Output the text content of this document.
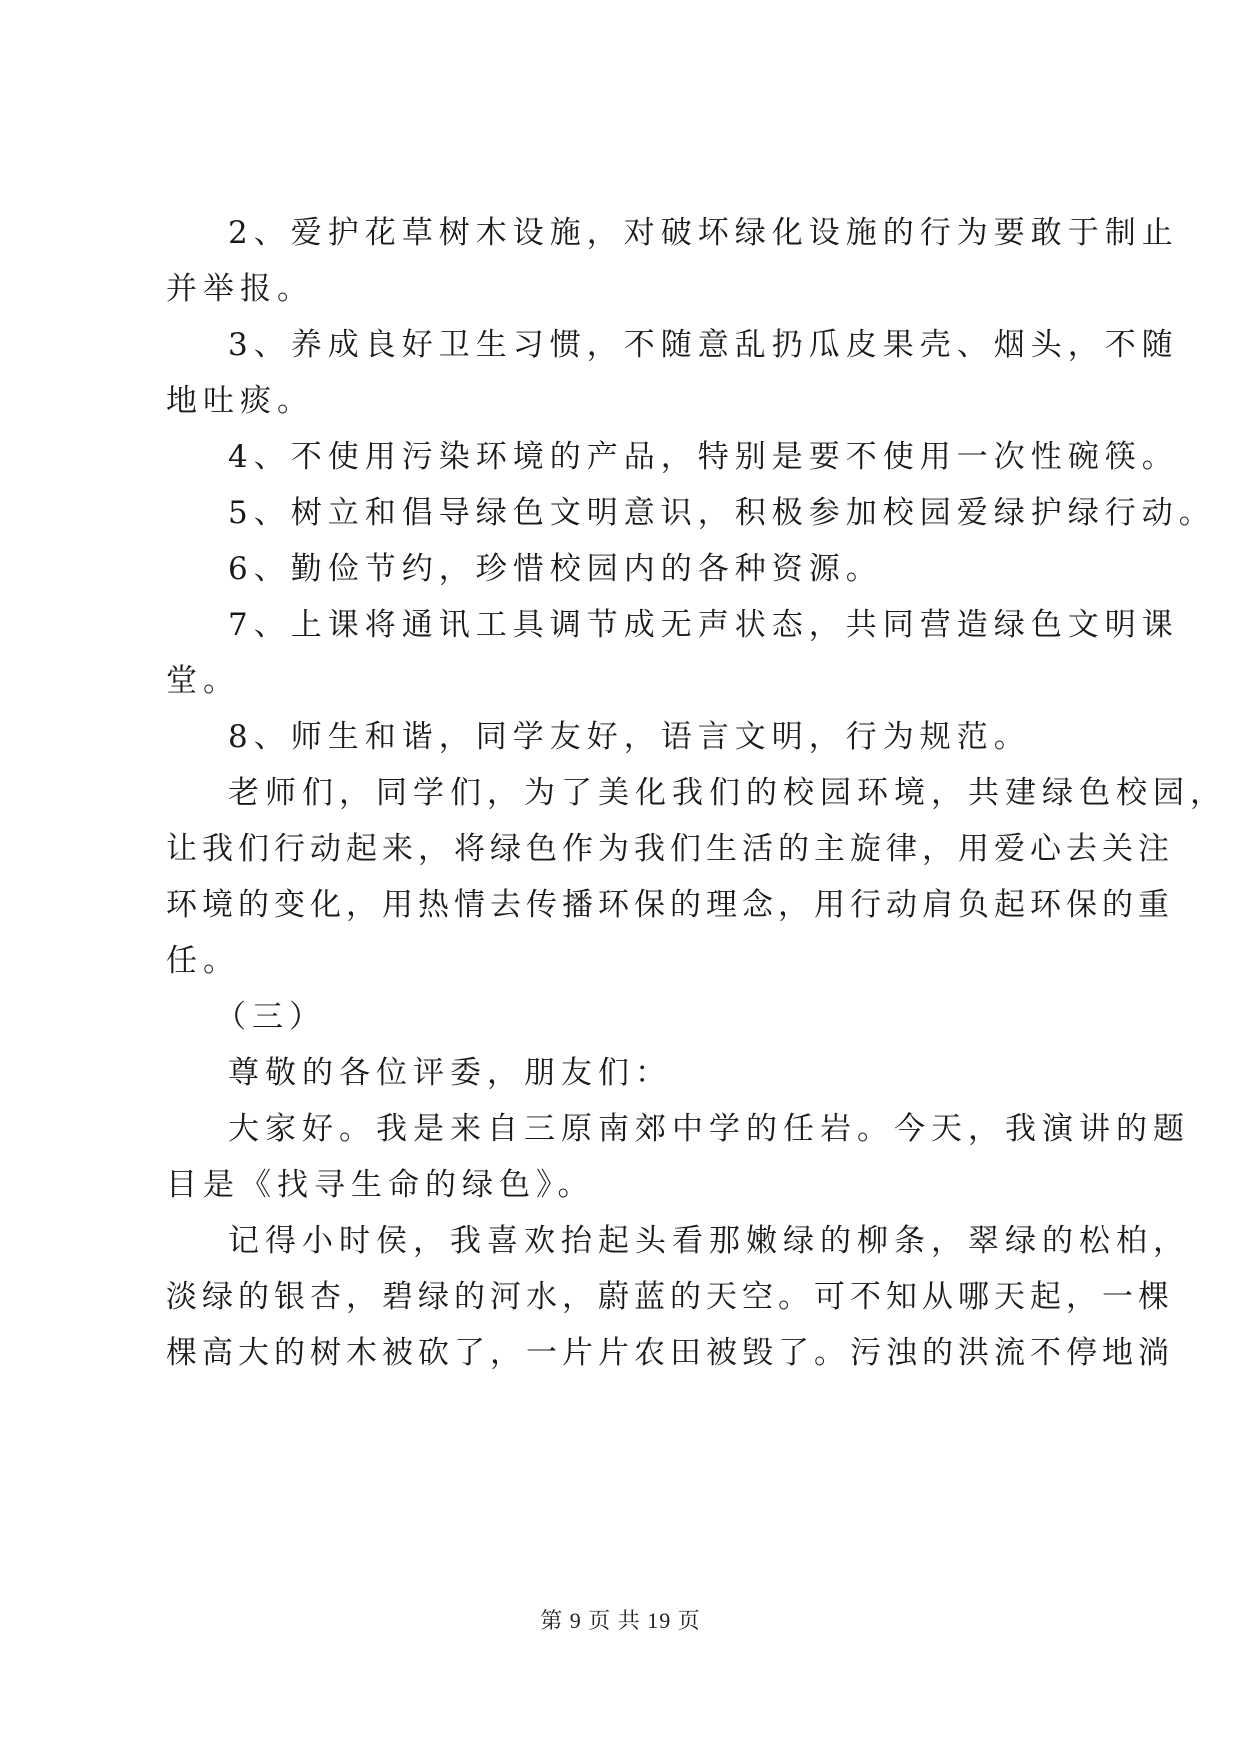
2、爱护花草树木设施，对破坏绿化设施的行为要敢于制止
并举报。
3、养成良好卫生习惯，不随意乱扔瓜皮果壳、烟头，不随
地吐痰。
4、不使用污染环境的产品，特别是要不使用一次性碗筷。
5、树立和倡导绿色文明意识，积极参加校园爱绿护绿行动。
6、勤俭节约，珍惜校园内的各种资源。
7、上课将通讯工具调节成无声状态，共同营造绿色文明课
堂。
8、师生和谐，同学友好，语言文明，行为规范。
老师们，同学们，为了美化我们的校园环境，共建绿色校园，
让我们行动起来，将绿色作为我们生活的主旋律，用爱心去关注
环境的变化，用热情去传播环保的理念，用行动肩负起环保的重
任。
（三）
尊敬的各位评委，朋友们：
大家好。我是来自三原南郊中学的任岩。今天，我演讲的题
目是《找寻生命的绿色》。
记得小时侯，我喜欢抬起头看那嫩绿的柳条，翠绿的松柏，
淡绿的银杏，碧绿的河水，蔚蓝的天空。可不知从哪天起，一棵
棵高大的树木被砍了，一片片农田被毁了。污浊的洪流不停地淌
第 9 页 共 19 页
